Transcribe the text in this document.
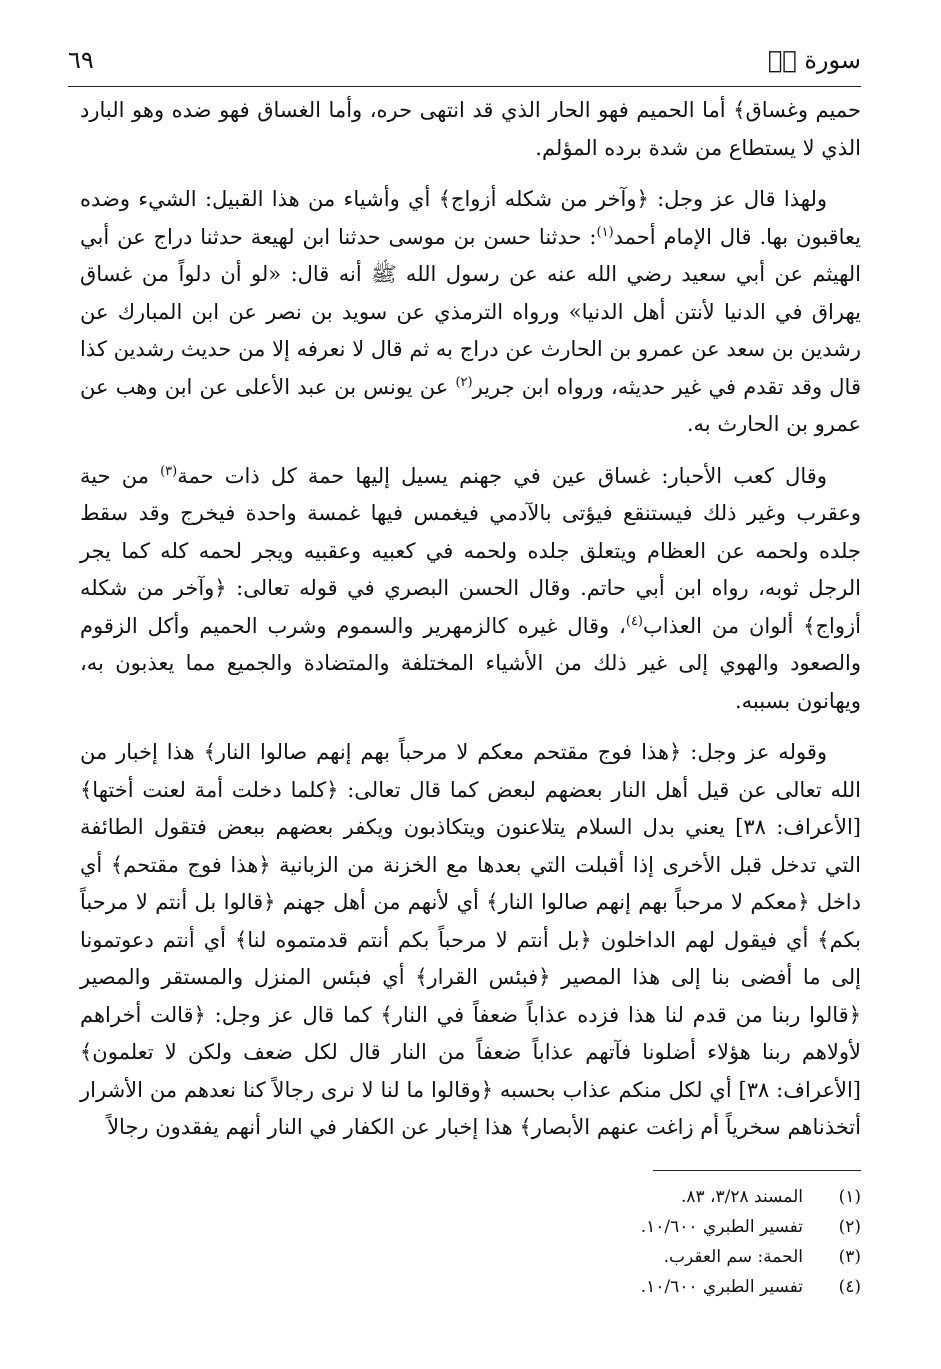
سورة صۤ
٦٩

حميم وغساق﴾ أما الحميم فهو الحار الذي قد انتهى حره، وأما الغساق فهو ضده وهو البارد الذي لا يستطاع من شدة برده المؤلم.

ولهذا قال عز وجل: ﴿وآخر من شكله أزواج﴾ أي وأشياء من هذا القبيل: الشيء وضده يعاقبون بها. قال الإمام أحمد$^{(١)}$: حدثنا حسن بن موسى حدثنا ابن لهيعة حدثنا دراج عن أبي الهيثم عن أبي سعيد رضي الله عنه عن رسول الله ﷺ أنه قال: «لو أن دلواً من غساق يهراق في الدنيا لأنتن أهل الدنيا» ورواه الترمذي عن سويد بن نصر عن ابن المبارك عن رشدين بن سعد عن عمرو بن الحارث عن دراج به ثم قال لا نعرفه إلا من حديث رشدين كذا قال وقد تقدم في غير حديثه، ورواه ابن جرير$^{(٢)}$ عن يونس بن عبد الأعلى عن ابن وهب عن عمرو بن الحارث به.

وقال كعب الأحبار: غساق عين في جهنم يسيل إليها حمة كل ذات حمة$^{(٣)}$ من حية وعقرب وغير ذلك فيستنقع فيؤتى بالآدمي فيغمس فيها غمسة واحدة فيخرج وقد سقط جلده ولحمه عن العظام ويتعلق جلده ولحمه في كعبيه وعقبيه ويجر لحمه كله كما يجر الرجل ثوبه، رواه ابن أبي حاتم. وقال الحسن البصري في قوله تعالى: ﴿وآخر من شكله أزواج﴾ ألوان من العذاب$^{(٤)}$، وقال غيره كالزمهرير والسموم وشرب الحميم وأكل الزقوم والصعود والهوي إلى غير ذلك من الأشياء المختلفة والمتضادة والجميع مما يعذبون به، ويهانون بسببه.

وقوله عز وجل: ﴿هذا فوج مقتحم معكم لا مرحباً بهم إنهم صالوا النار﴾ هذا إخبار من الله تعالى عن قيل أهل النار بعضهم لبعض كما قال تعالى: ﴿كلما دخلت أمة لعنت أختها﴾ [الأعراف: ٣٨] يعني بدل السلام يتلاعنون ويتكاذبون ويكفر بعضهم ببعض فتقول الطائفة التي تدخل قبل الأخرى إذا أقبلت التي بعدها مع الخزنة من الزبانية ﴿هذا فوج مقتحم﴾ أي داخل ﴿معكم لا مرحباً بهم إنهم صالوا النار﴾ أي لأنهم من أهل جهنم ﴿قالوا بل أنتم لا مرحباً بكم﴾ أي فيقول لهم الداخلون ﴿بل أنتم لا مرحباً بكم أنتم قدمتموه لنا﴾ أي أنتم دعوتمونا إلى ما أفضى بنا إلى هذا المصير ﴿فبئس القرار﴾ أي فبئس المنزل والمستقر والمصير ﴿قالوا ربنا من قدم لنا هذا فزده عذاباً ضعفاً في النار﴾ كما قال عز وجل: ﴿قالت أخراهم لأولاهم ربنا هؤلاء أضلونا فآتهم عذاباً ضعفاً من النار قال لكل ضعف ولكن لا تعلمون﴾ [الأعراف: ٣٨] أي لكل منكم عذاب بحسبه ﴿وقالوا ما لنا لا نرى رجالاً كنا نعدهم من الأشرار أتخذناهم سخرياً أم زاغت عنهم الأبصار﴾ هذا إخبار عن الكفار في النار أنهم يفقدون رجالاً

(١)
المسند ٣/٢٨، ٨٣.
(٢)
تفسير الطبري ١٠/٦٠٠.
(٣)
الحمة: سم العقرب.
(٤)
تفسير الطبري ١٠/٦٠٠.
